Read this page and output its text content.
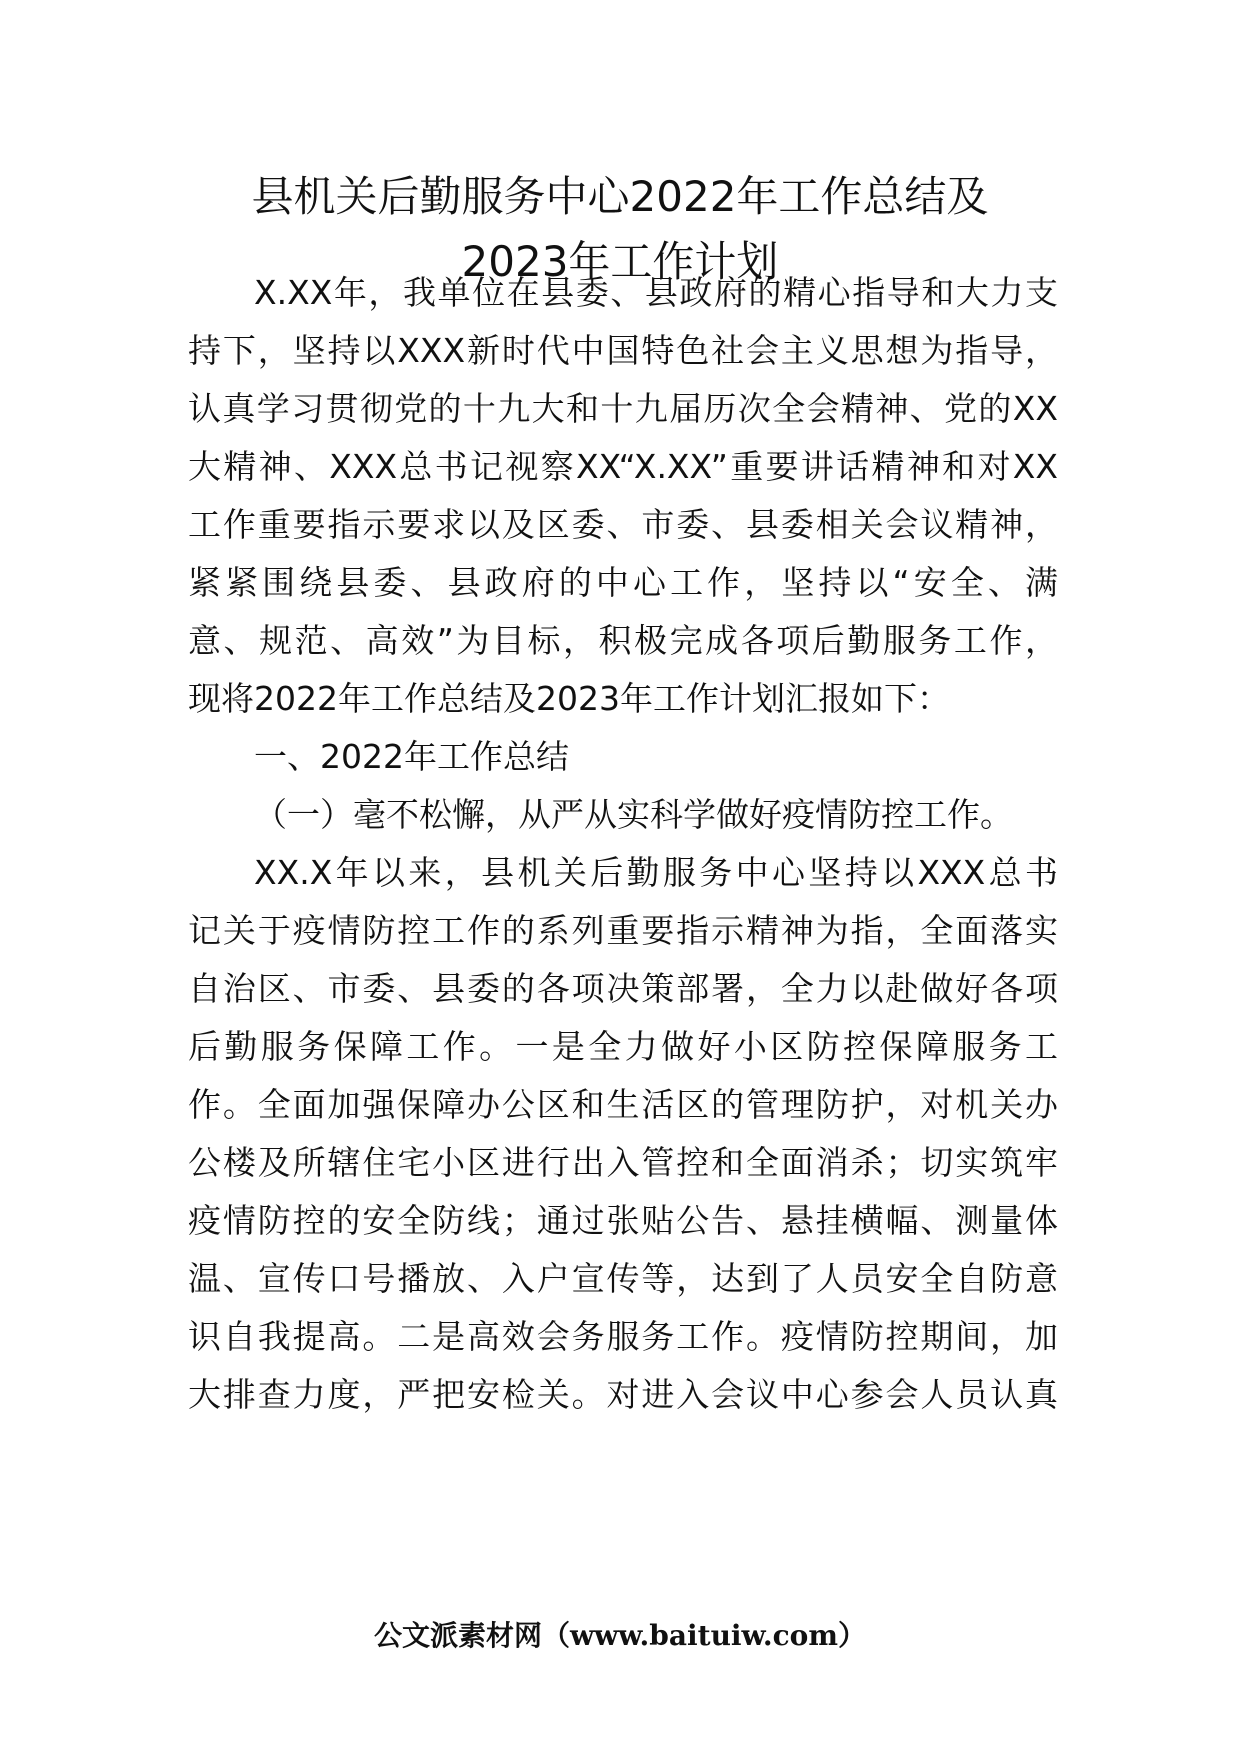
县机关后勤服务中心2022年工作总结及
2023年工作计划
X.XX年，我单位在县委、县政府的精心指导和大力支
持下，坚持以XXX新时代中国特色社会主义思想为指导，
认真学习贯彻党的十九大和十九届历次全会精神、党的XX
大精神、XXX总书记视察XX“X.XX”重要讲话精神和对XX
工作重要指示要求以及区委、市委、县委相关会议精神，
紧紧围绕县委、县政府的中心工作，坚持以“安全、满
意、规范、高效”为目标，积极完成各项后勤服务工作，
现将2022年工作总结及2023年工作计划汇报如下：
一、2022年工作总结
（一）毫不松懈，从严从实科学做好疫情防控工作。
XX.X年以来，县机关后勤服务中心坚持以XXX总书
记关于疫情防控工作的系列重要指示精神为指，全面落实
自治区、市委、县委的各项决策部署，全力以赴做好各项
后勤服务保障工作。一是全力做好小区防控保障服务工
作。全面加强保障办公区和生活区的管理防护，对机关办
公楼及所辖住宅小区进行出入管控和全面消杀；切实筑牢
疫情防控的安全防线；通过张贴公告、悬挂横幅、测量体
温、宣传口号播放、入户宣传等，达到了人员安全自防意
识自我提高。二是高效会务服务工作。疫情防控期间，加
大排查力度，严把安检关。对进入会议中心参会人员认真
公文派素材网（www.baituiw.com）
